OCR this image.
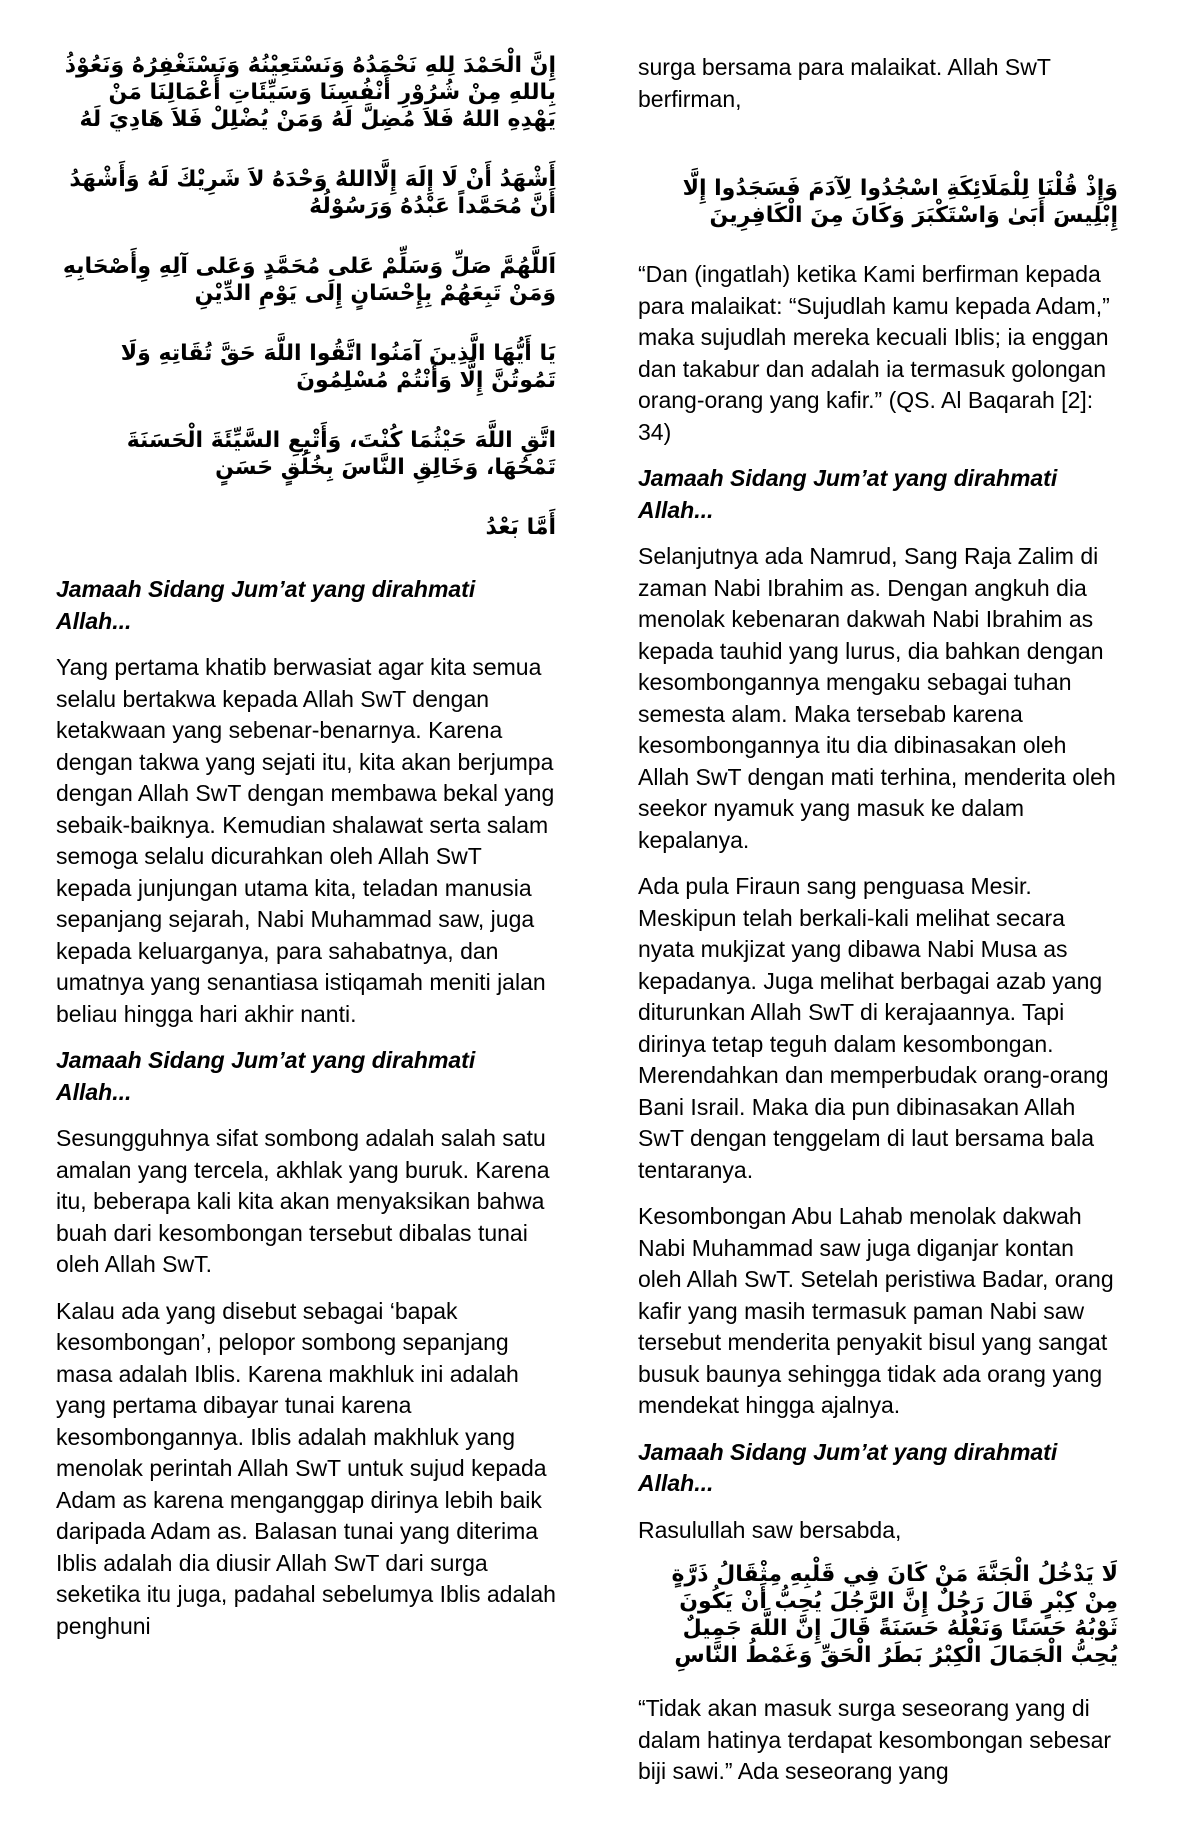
إِنَّ الْحَمْدَ لِلهِ نَحْمَدُهُ وَنَسْتَعِيْنُهُ وَنَسْتَغْفِرُهُ وَنَعُوْذُ بِاللهِ مِنْ شُرُوْرِ أَنْفُسِنَا وَسَيِّئَاتِ أَعْمَالِنَا مَنْ يَهْدِهِ اللهُ فَلاَ مُضِلَّ لَهُ وَمَنْ يُضْلِلْ فَلاَ هَادِيَ لَهُ

أَشْهَدُ أَنْ لَا إِلَهَ إِلَّااللهُ وَحْدَهُ لاَ شَرِيْكَ لَهُ وَأَشْهَدُ أَنَّ مُحَمَّداً عَبْدُهُ وَرَسُوْلُهُ

اَللَّهُمَّ صَلِّ وَسَلِّمْ عَلى مُحَمَّدٍ وَعَلى آلِهِ وِأَصْحَابِهِ وَمَنْ تَبِعَهُمْ بِإِحْسَانٍ إِلَى يَوْمِ الدِّيْنِ

يَا أَيُّهَا الَّذِينَ آمَنُوا اتَّقُوا اللَّهَ حَقَّ تُقَاتِهِ وَلَا تَمُوتُنَّ إِلَّا وَأَنْتُمْ مُسْلِمُونَ

اتَّقِ اللَّهَ حَيْثُمَا كُنْتَ، وَأَتْبِعِ السَّيِّئَةَ الْحَسَنَةَ تَمْحُهَا، وَخَالِقِ النَّاسَ بِخُلُقٍ حَسَنٍ

أَمَّا بَعْدُ

Jamaah Sidang Jum’at yang dirahmati Allah...

Yang pertama khatib berwasiat agar kita semua selalu bertakwa kepada Allah SwT dengan ketakwaan yang sebenar-benarnya. Karena dengan takwa yang sejati itu, kita akan berjumpa dengan Allah SwT dengan membawa bekal yang sebaik-baiknya. Kemudian shalawat serta salam semoga selalu dicurahkan oleh Allah SwT kepada junjungan utama kita, teladan manusia sepanjang sejarah, Nabi Muhammad saw, juga kepada keluarganya, para sahabatnya, dan umatnya yang senantiasa istiqamah meniti jalan beliau hingga hari akhir nanti.

Jamaah Sidang Jum’at yang dirahmati Allah...

Sesungguhnya sifat sombong adalah salah satu amalan yang tercela, akhlak yang buruk. Karena itu, beberapa kali kita akan menyaksikan bahwa buah dari kesombongan tersebut dibalas tunai oleh Allah SwT.

Kalau ada yang disebut sebagai ‘bapak kesombongan’, pelopor sombong sepanjang masa adalah Iblis. Karena makhluk ini adalah yang pertama dibayar tunai karena kesombongannya. Iblis adalah makhluk yang menolak perintah Allah SwT untuk sujud kepada Adam as karena menganggap dirinya lebih baik daripada Adam as. Balasan tunai yang diterima Iblis adalah dia diusir Allah SwT dari surga seketika itu juga, padahal sebelumya Iblis adalah penghuni

surga bersama para malaikat. Allah SwT berfirman,

وَإِذْ قُلْنَا لِلْمَلَائِكَةِ اسْجُدُوا لِآدَمَ فَسَجَدُوا إِلَّا إِبْلِيسَ أَبَىٰ وَاسْتَكْبَرَ وَكَانَ مِنَ الْكَافِرِينَ

“Dan (ingatlah) ketika Kami berfirman kepada para malaikat: “Sujudlah kamu kepada Adam,” maka sujudlah mereka kecuali Iblis; ia enggan dan takabur dan adalah ia termasuk golongan orang-orang yang kafir.” (QS. Al Baqarah [2]: 34)

Jamaah Sidang Jum’at yang dirahmati Allah...

Selanjutnya ada Namrud, Sang Raja Zalim di zaman Nabi Ibrahim as. Dengan angkuh dia menolak kebenaran dakwah Nabi Ibrahim as kepada tauhid yang lurus, dia bahkan dengan kesombongannya mengaku sebagai tuhan semesta alam. Maka tersebab karena kesombongannya itu dia dibinasakan oleh Allah SwT dengan mati terhina, menderita oleh seekor nyamuk yang masuk ke dalam kepalanya.

Ada pula Firaun sang penguasa Mesir. Meskipun telah berkali-kali melihat secara nyata mukjizat yang dibawa Nabi Musa as kepadanya. Juga melihat berbagai azab yang diturunkan Allah SwT di kerajaannya. Tapi dirinya tetap teguh dalam kesombongan. Merendahkan dan memperbudak orang-orang Bani Israil. Maka dia pun dibinasakan Allah SwT dengan tenggelam di laut bersama bala tentaranya.

Kesombongan Abu Lahab menolak dakwah Nabi Muhammad saw juga diganjar kontan oleh Allah SwT. Setelah peristiwa Badar, orang kafir yang masih termasuk paman Nabi saw tersebut menderita penyakit bisul yang sangat busuk baunya sehingga tidak ada orang yang mendekat hingga ajalnya.

Jamaah Sidang Jum’at yang dirahmati Allah...

Rasulullah saw bersabda,

لَا يَدْخُلُ الْجَنَّةَ مَنْ كَانَ فِي قَلْبِهِ مِثْقَالُ ذَرَّةٍ مِنْ كِبْرٍ قَالَ رَجُلٌ إِنَّ الرَّجُلَ يُحِبُّ أَنْ يَكُونَ ثَوْبُهُ حَسَنًا وَنَعْلُهُ حَسَنَةً قَالَ إِنَّ اللَّهَ جَمِيلٌ يُحِبُّ الْجَمَالَ الْكِبْرُ بَطَرُ الْحَقِّ وَغَمْطُ النَّاسِ

“Tidak akan masuk surga seseorang yang di dalam hatinya terdapat kesombongan sebesar biji sawi.” Ada seseorang yang
